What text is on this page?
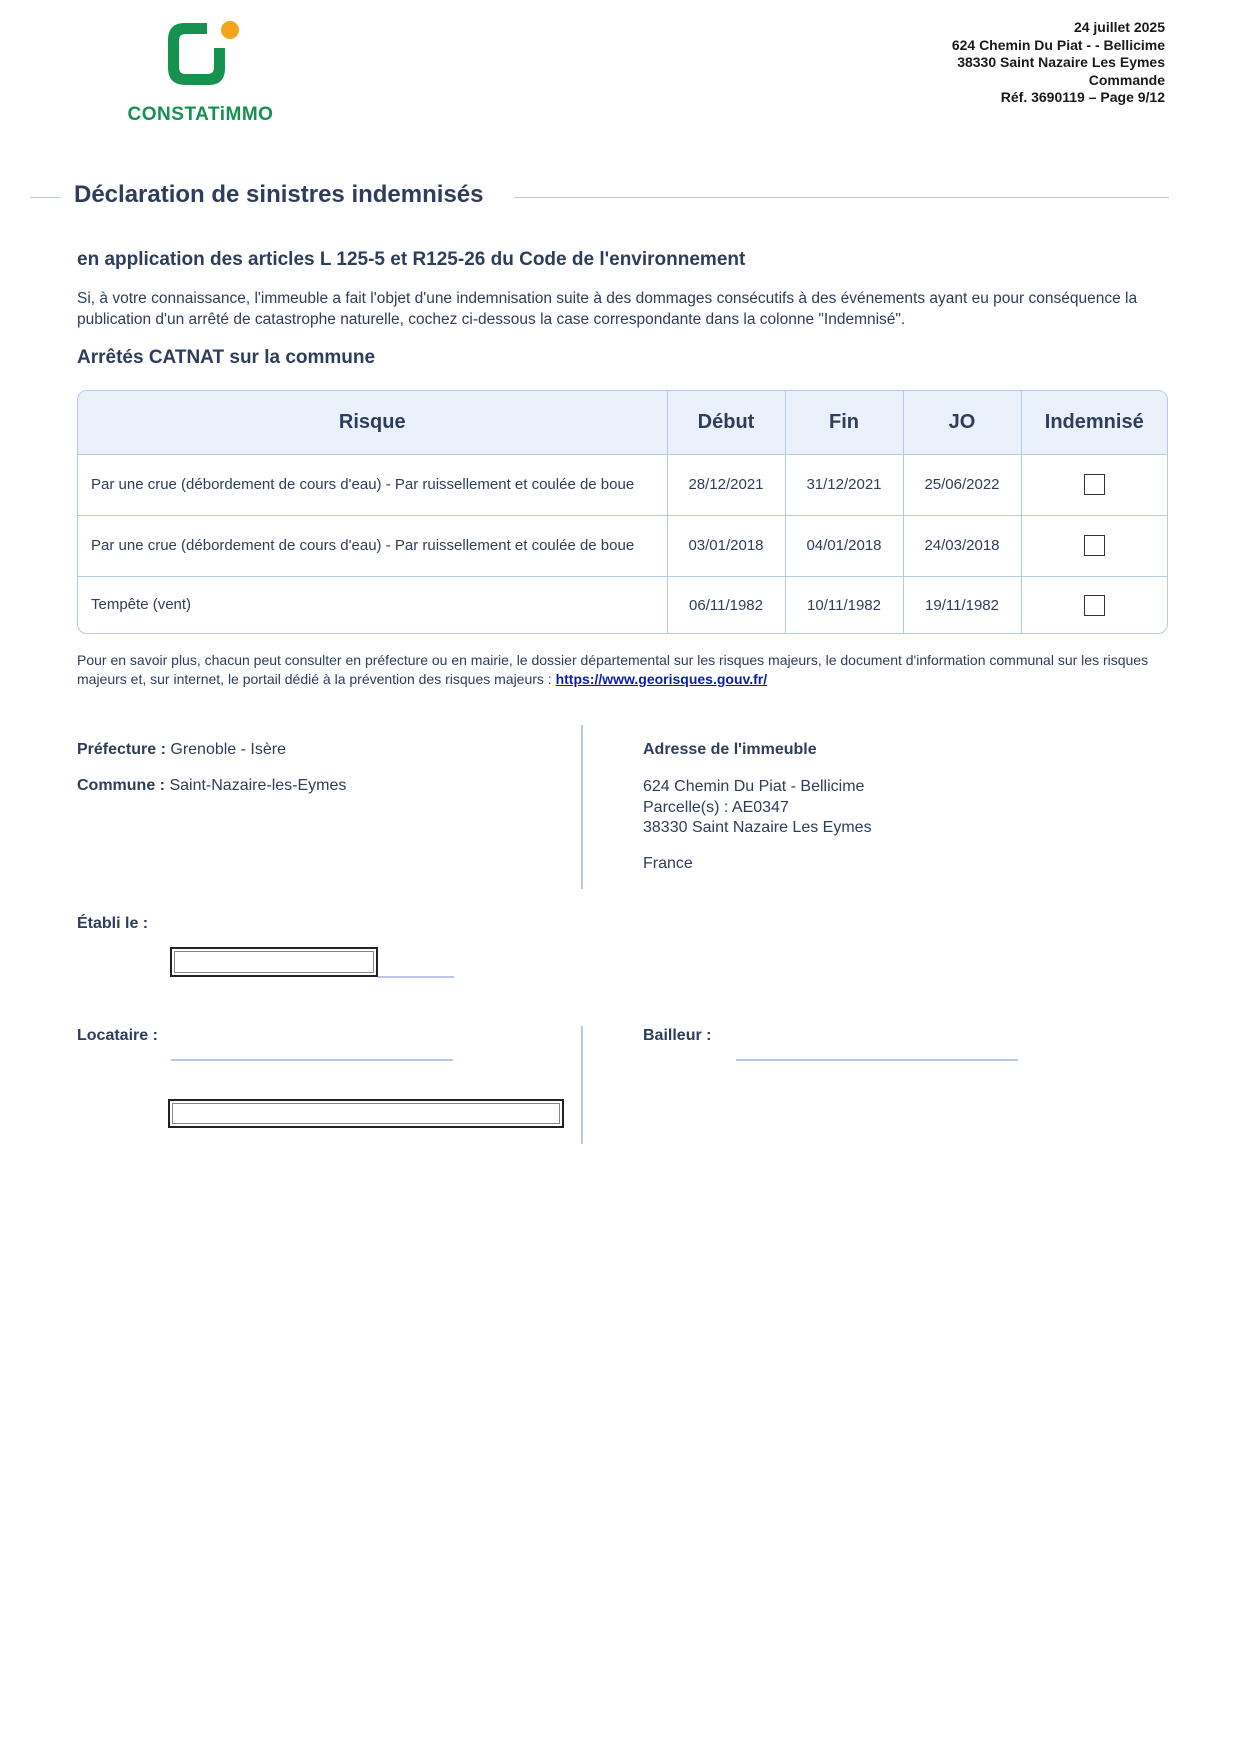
CONSTATiMMO
24 juillet 2025
624 Chemin Du Piat - - Bellicime
38330 Saint Nazaire Les Eymes
Commande
Réf. 3690119 – Page 9/12
Déclaration de sinistres indemnisés
en application des articles L 125-5 et R125-26 du Code de l'environnement
Si, à votre connaissance, l'immeuble a fait l'objet d'une indemnisation suite à des dommages consécutifs à des événements ayant eu pour conséquence la publication d'un arrêté de catastrophe naturelle, cochez ci-dessous la case correspondante dans la colonne "Indemnisé".
Arrêtés CATNAT sur la commune
Risque	Début	Fin	JO	Indemnisé
Par une crue (débordement de cours d'eau) - Par ruissellement et coulée de boue	28/12/2021	31/12/2021	25/06/2022	
Par une crue (débordement de cours d'eau) - Par ruissellement et coulée de boue	03/01/2018	04/01/2018	24/03/2018	
Tempête (vent)	06/11/1982	10/11/1982	19/11/1982	
Pour en savoir plus, chacun peut consulter en préfecture ou en mairie, le dossier départemental sur les risques majeurs, le document d'information communal sur les risques majeurs et, sur internet, le portail dédié à la prévention des risques majeurs : https://www.georisques.gouv.fr/
Préfecture : Grenoble - Isère
Commune : Saint-Nazaire-les-Eymes
Adresse de l'immeuble
624 Chemin Du Piat - Bellicime
Parcelle(s) : AE0347
38330 Saint Nazaire Les Eymes
France
Établi le :
Locataire :	Bailleur :
